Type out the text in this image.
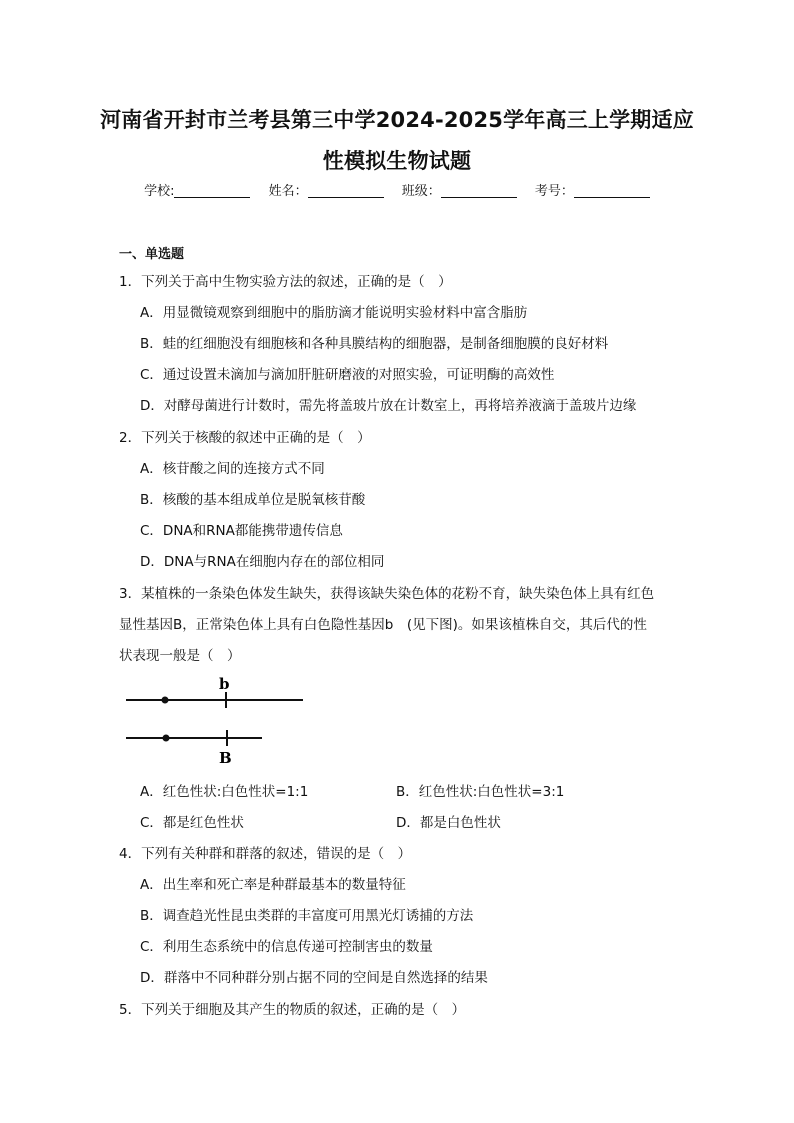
河南省开封市兰考县第三中学2024-2025学年高三上学期适应
性模拟生物试题
学校:	姓名：	班级：	考号：
一、单选题
1．下列关于高中生物实验方法的叙述，正确的是（　）
A．用显微镜观察到细胞中的脂肪滴才能说明实验材料中富含脂肪
B．蛙的红细胞没有细胞核和各种具膜结构的细胞器，是制备细胞膜的良好材料
C．通过设置未滴加与滴加肝脏研磨液的对照实验，可证明酶的高效性
D．对酵母菌进行计数时，需先将盖玻片放在计数室上，再将培养液滴于盖玻片边缘
2．下列关于核酸的叙述中正确的是（　）
A．核苷酸之间的连接方式不同
B．核酸的基本组成单位是脱氧核苷酸
C．DNA和RNA都能携带遗传信息
D．DNA与RNA在细胞内存在的部位相同
3．某植株的一条染色体发生缺失，获得该缺失染色体的花粉不育，缺失染色体上具有红色
显性基因B，正常染色体上具有白色隐性基因b　(见下图)。如果该植株自交，其后代的性
状表现一般是（　）
b
B
A．红色性状:白色性状=1:1	B．红色性状:白色性状=3:1
C．都是红色性状	D．都是白色性状
4．下列有关种群和群落的叙述，错误的是（　）
A．出生率和死亡率是种群最基本的数量特征
B．调查趋光性昆虫类群的丰富度可用黑光灯诱捕的方法
C．利用生态系统中的信息传递可控制害虫的数量
D．群落中不同种群分别占据不同的空间是自然选择的结果
5．下列关于细胞及其产生的物质的叙述，正确的是（　）
